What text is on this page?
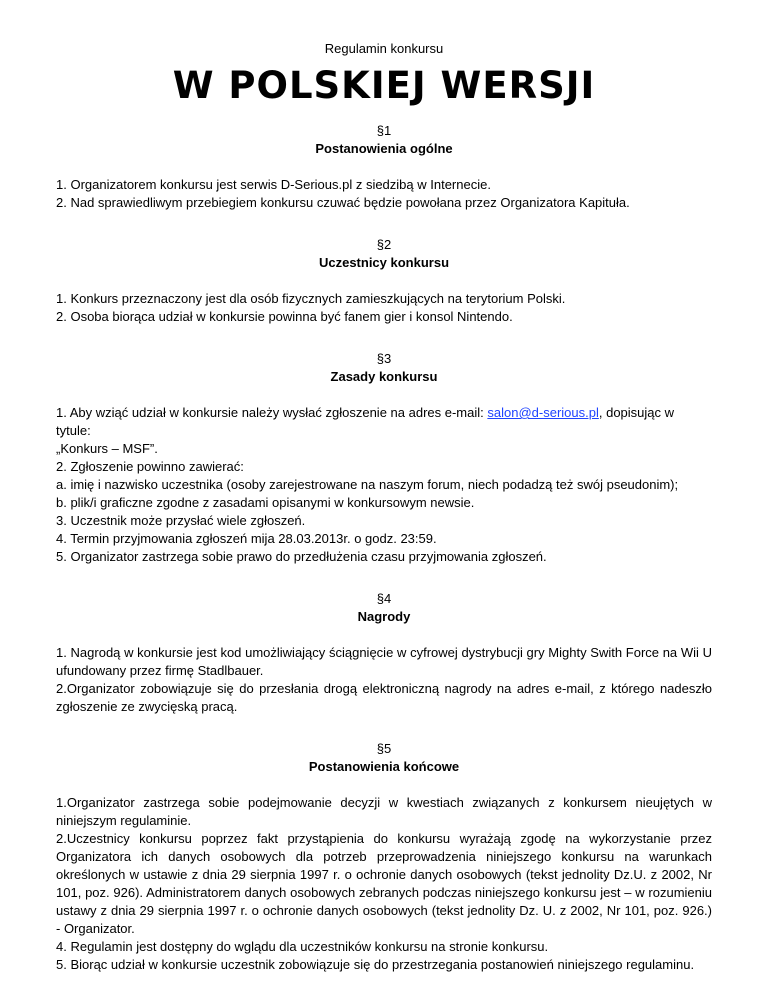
Regulamin konkursu

W POLSKIEJ WERSJI

§1

Postanowienia ogólne

1. Organizatorem konkursu jest serwis D-Serious.pl z siedzibą w Internecie.

2. Nad sprawiedliwym przebiegiem konkursu czuwać będzie powołana przez Organizatora Kapituła.

§2

Uczestnicy konkursu

1. Konkurs przeznaczony jest dla osób fizycznych zamieszkujących na terytorium Polski.

2. Osoba biorąca udział w konkursie powinna być fanem gier i konsol Nintendo.

§3

Zasady konkursu

1. Aby wziąć udział w konkursie należy wysłać zgłoszenie na adres e-mail: salon@d-serious.pl, dopisując w tytule:

„Konkurs – MSF”.

2. Zgłoszenie powinno zawierać:

a. imię i nazwisko uczestnika (osoby zarejestrowane na naszym forum, niech podadzą też swój pseudonim);

b. plik/i graficzne zgodne z zasadami opisanymi w konkursowym newsie.

3. Uczestnik może przysłać wiele zgłoszeń.

4. Termin przyjmowania zgłoszeń mija 28.03.2013r. o godz. 23:59.

5. Organizator zastrzega sobie prawo do przedłużenia czasu przyjmowania zgłoszeń.

§4

Nagrody

1. Nagrodą w konkursie jest kod umożliwiający ściągnięcie w cyfrowej dystrybucji gry Mighty Swith Force na Wii U ufundowany przez firmę Stadlbauer.

2.Organizator zobowiązuje się do przesłania drogą elektroniczną nagrody na adres e-mail, z którego nadeszło zgłoszenie ze zwycięską pracą.

§5

Postanowienia końcowe

1.Organizator zastrzega sobie podejmowanie decyzji w kwestiach związanych z konkursem nieujętych w niniejszym regulaminie.

2.Uczestnicy konkursu poprzez fakt przystąpienia do konkursu wyrażają zgodę na wykorzystanie przez Organizatora ich danych osobowych dla potrzeb przeprowadzenia niniejszego konkursu na warunkach określonych w ustawie z dnia 29 sierpnia 1997 r. o ochronie danych osobowych (tekst jednolity Dz.U. z 2002, Nr 101, poz. 926). Administratorem danych osobowych zebranych podczas niniejszego konkursu jest – w rozumieniu ustawy z dnia 29 sierpnia 1997 r. o ochronie danych osobowych (tekst jednolity Dz. U. z 2002, Nr 101, poz. 926.) - Organizator.

4. Regulamin jest dostępny do wglądu dla uczestników konkursu na stronie konkursu.

5. Biorąc udział w konkursie uczestnik zobowiązuje się do przestrzegania postanowień niniejszego regulaminu.
